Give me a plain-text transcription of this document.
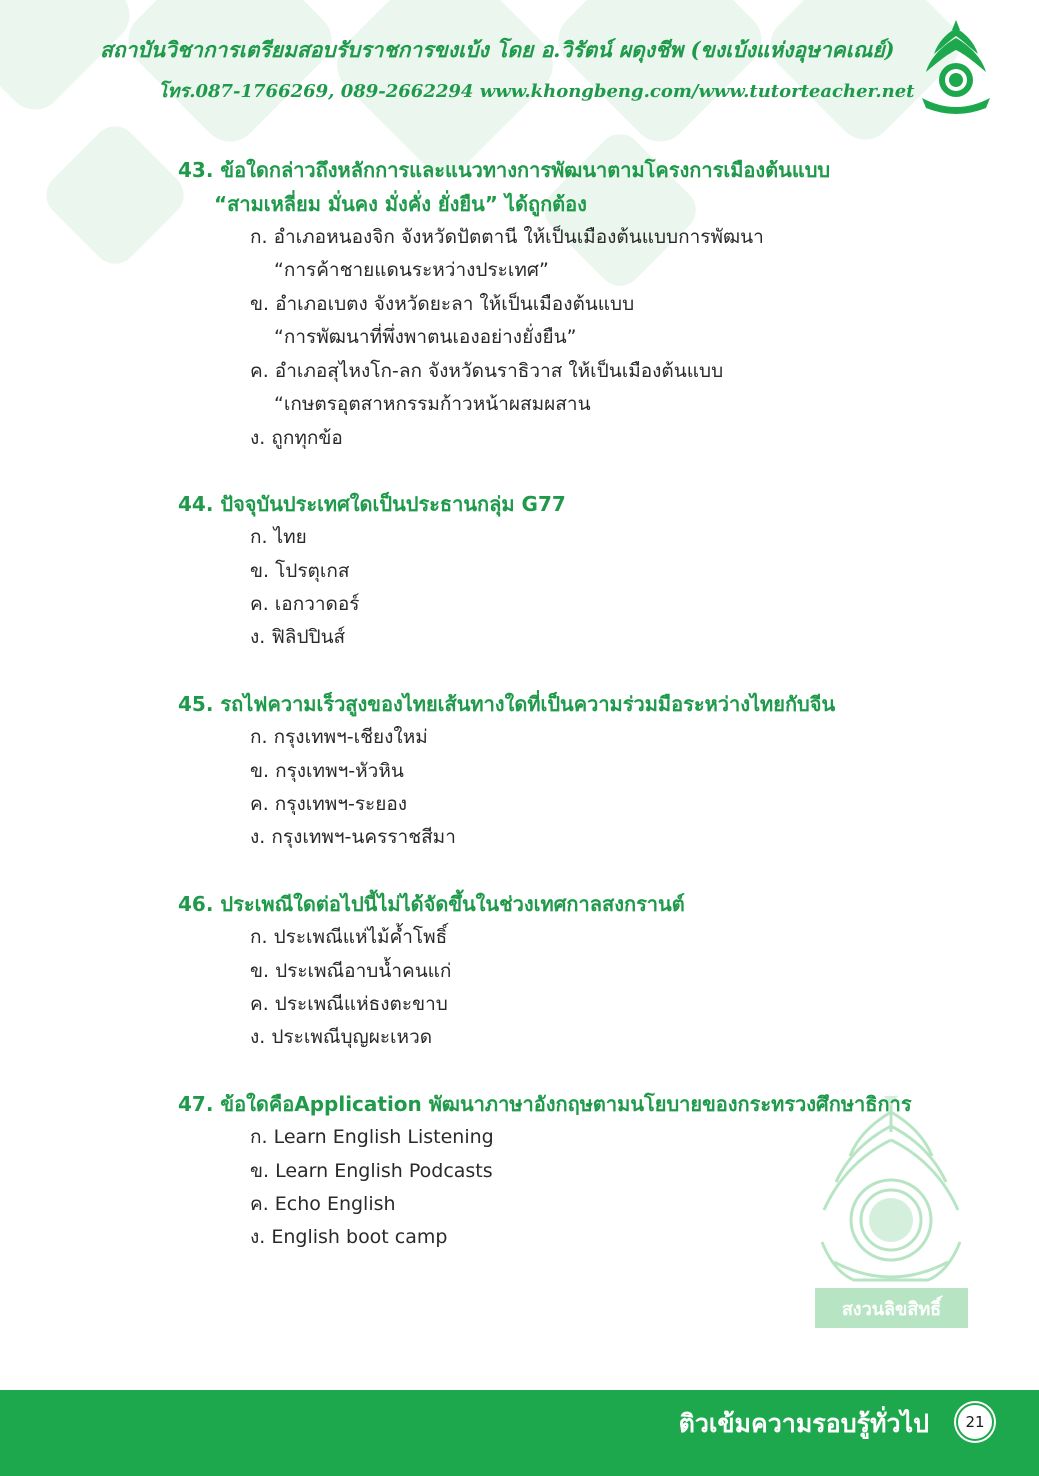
สถาบันวิชาการเตรียมสอบรับราชการขงเบ้ง โดย อ.วิรัตน์ ผดุงชีพ (ขงเบ้งแห่งอุษาคเณย์)
โทร.087-1766269, 089-2662294 www.khongbeng.com/www.tutorteacher.net
สงวนลิขสิทธิ์
43. ข้อใดกล่าวถึงหลักการและแนวทางการพัฒนาตามโครงการเมืองต้นแบบ
“สามเหลี่ยม มั่นคง มั่งคั่ง ยั่งยืน” ได้ถูกต้อง
ก. อำเภอหนองจิก จังหวัดปัตตานี ให้เป็นเมืองต้นแบบการพัฒนา
“การค้าชายแดนระหว่างประเทศ”
ข. อำเภอเบตง จังหวัดยะลา ให้เป็นเมืองต้นแบบ
“การพัฒนาที่พึ่งพาตนเองอย่างยั่งยืน”
ค. อำเภอสุไหงโก-ลก จังหวัดนราธิวาส ให้เป็นเมืองต้นแบบ
“เกษตรอุตสาหกรรมก้าวหน้าผสมผสาน
ง. ถูกทุกข้อ
44. ปัจจุบันประเทศใดเป็นประธานกลุ่ม G77
ก. ไทย
ข. โปรตุเกส
ค. เอกวาดอร์
ง. ฟิลิปปินส์
45. รถไฟความเร็วสูงของไทยเส้นทางใดที่เป็นความร่วมมือระหว่างไทยกับจีน
ก. กรุงเทพฯ-เชียงใหม่
ข. กรุงเทพฯ-หัวหิน
ค. กรุงเทพฯ-ระยอง
ง. กรุงเทพฯ-นครราชสีมา
46. ประเพณีใดต่อไปนี้ไม่ได้จัดขึ้นในช่วงเทศกาลสงกรานต์
ก. ประเพณีแห่ไม้ค้ำโพธิ์
ข. ประเพณีอาบน้ำคนแก่
ค. ประเพณีแห่ธงตะขาบ
ง. ประเพณีบุญผะเหวด
47. ข้อใดคือApplication พัฒนาภาษาอังกฤษตามนโยบายของกระทรวงศึกษาธิการ
ก. Learn English Listening
ข. Learn English Podcasts
ค. Echo English
ง. English boot camp
ติวเข้มความรอบรู้ทั่วไป	21
